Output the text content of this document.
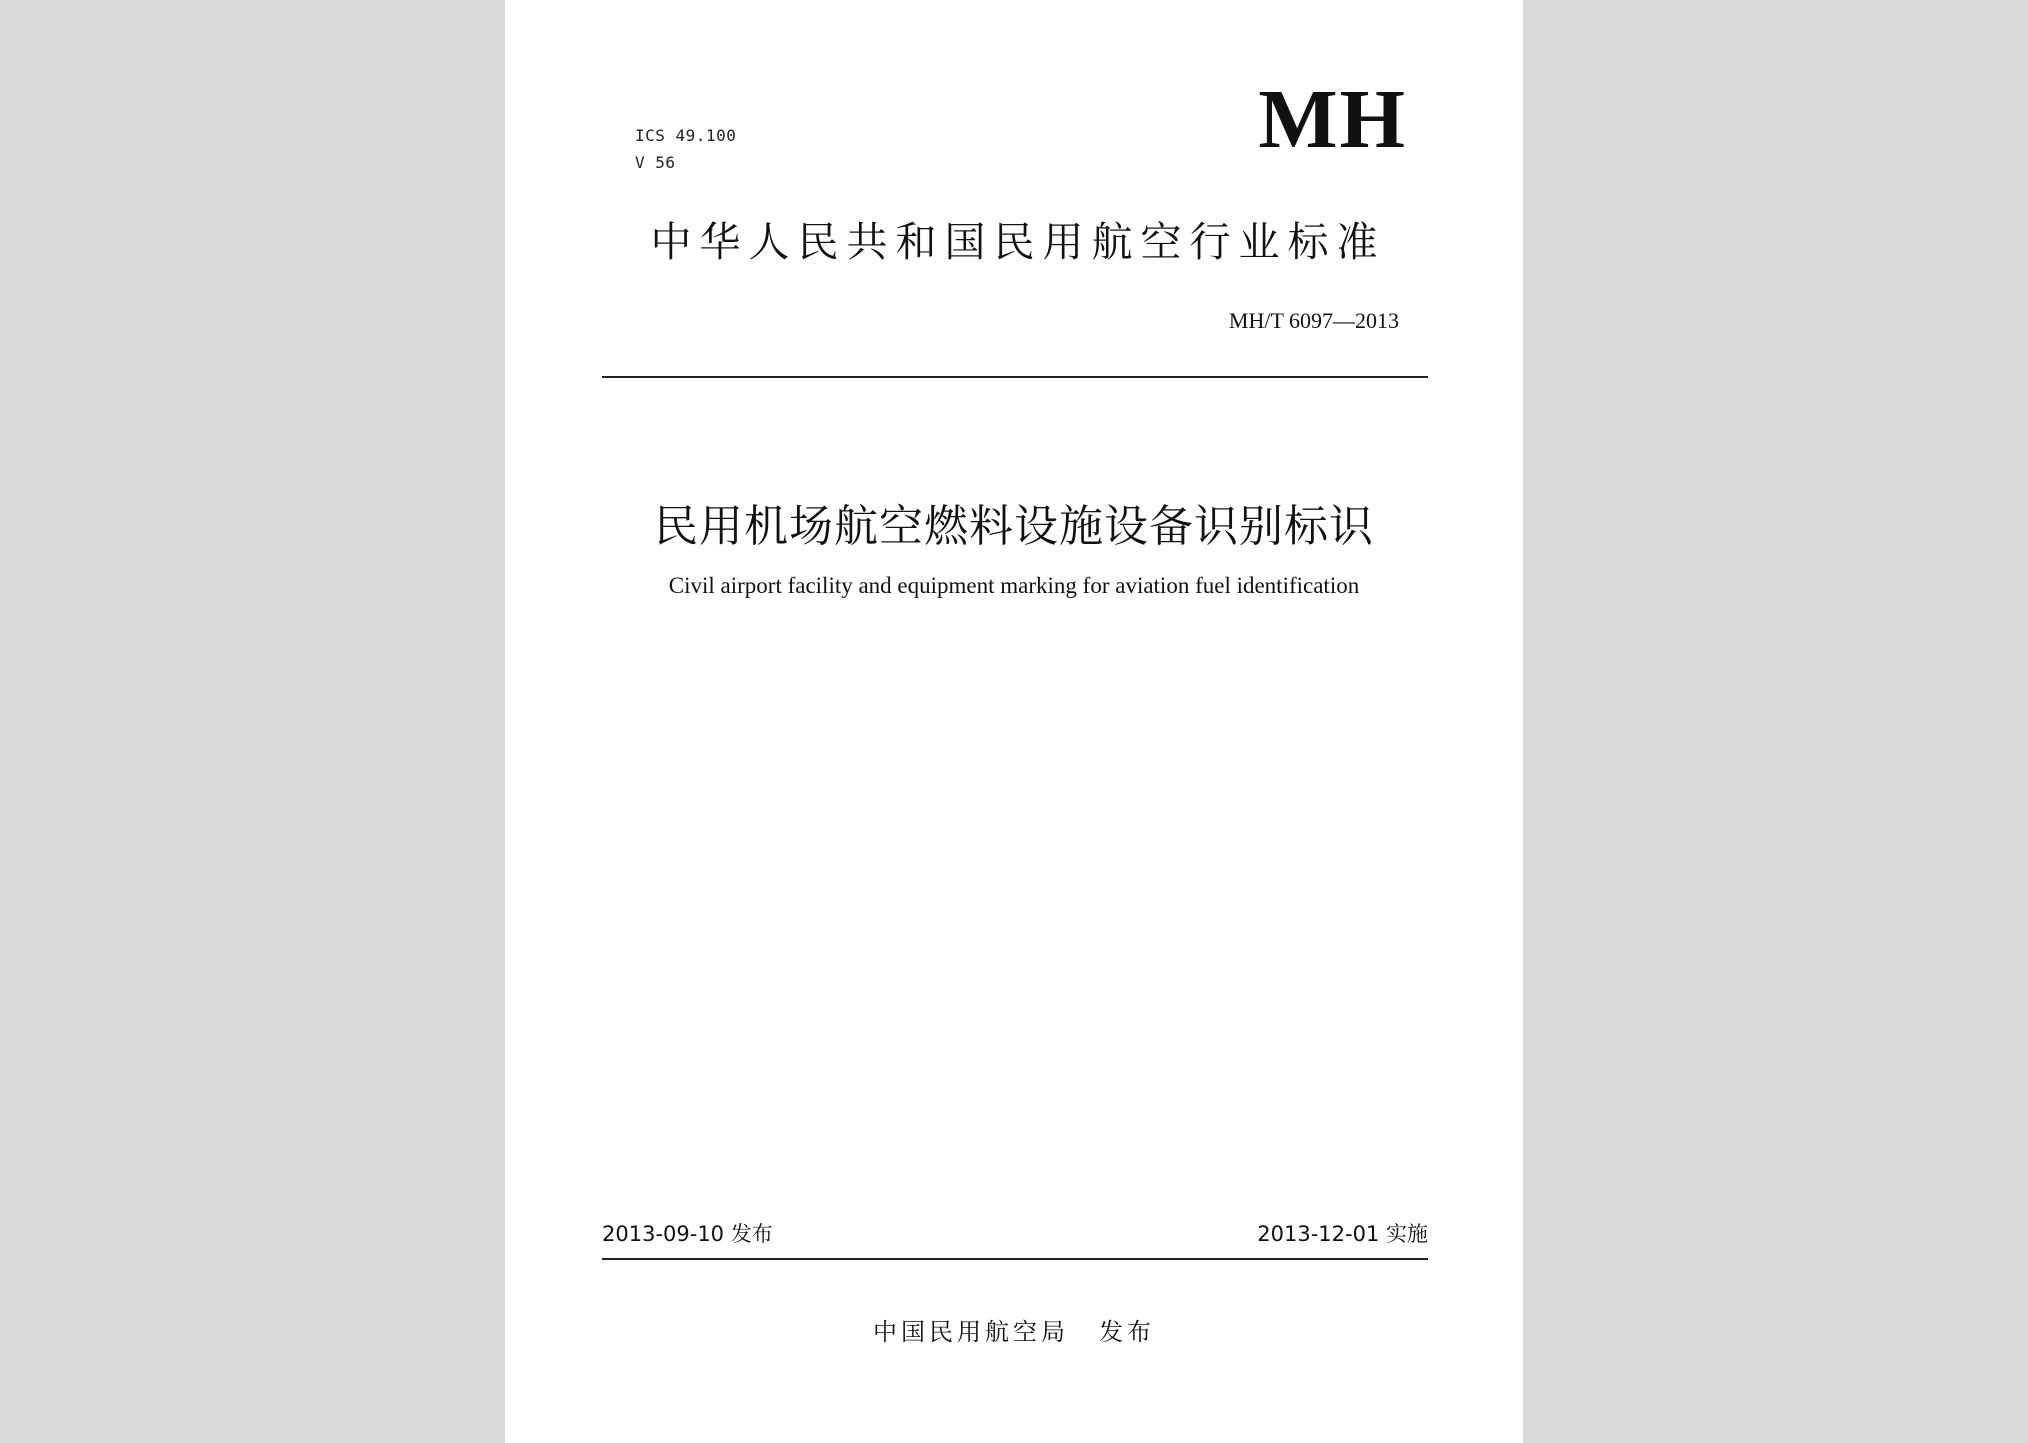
ICS 49.100
V 56	MH
中华人民共和国民用航空行业标准
MH/T 6097—2013
民用机场航空燃料设施设备识别标识
Civil airport facility and equipment marking for aviation fuel identification
2013-09-10 发布	2013-12-01 实施
中国民用航空局 发布
